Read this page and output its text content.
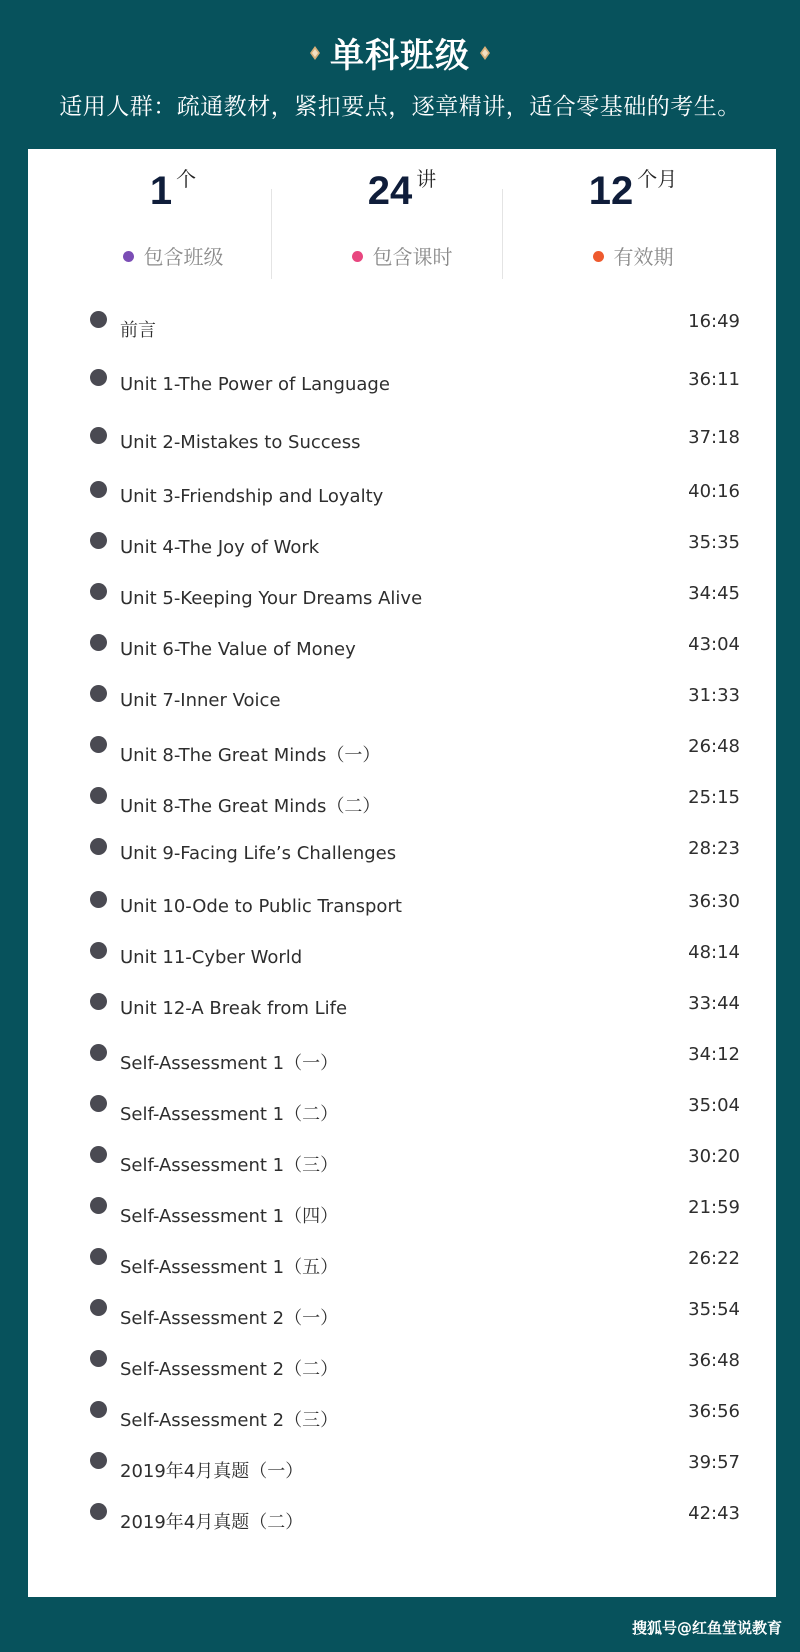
单科班级
适用人群：疏通教材，紧扣要点，逐章精讲，适合零基础的考生。
1 个
包含班级
24 讲
包含课时
12 个月
有效期
前言	16:49
Unit 1-The Power of Language	36:11
Unit 2-Mistakes to Success	37:18
Unit 3-Friendship and Loyalty	40:16
Unit 4-The Joy of Work	35:35
Unit 5-Keeping Your Dreams Alive	34:45
Unit 6-The Value of Money	43:04
Unit 7-Inner Voice	31:33
Unit 8-The Great Minds（一）	26:48
Unit 8-The Great Minds（二）	25:15
Unit 9-Facing Life’s Challenges	28:23
Unit 10-Ode to Public Transport	36:30
Unit 11-Cyber World	48:14
Unit 12-A Break from Life	33:44
Self-Assessment 1（一）	34:12
Self-Assessment 1（二）	35:04
Self-Assessment 1（三）	30:20
Self-Assessment 1（四）	21:59
Self-Assessment 1（五）	26:22
Self-Assessment 2（一）	35:54
Self-Assessment 2（二）	36:48
Self-Assessment 2（三）	36:56
2019年4月真题（一）	39:57
2019年4月真题（二）	42:43
搜狐号@红鱼堂说教育
